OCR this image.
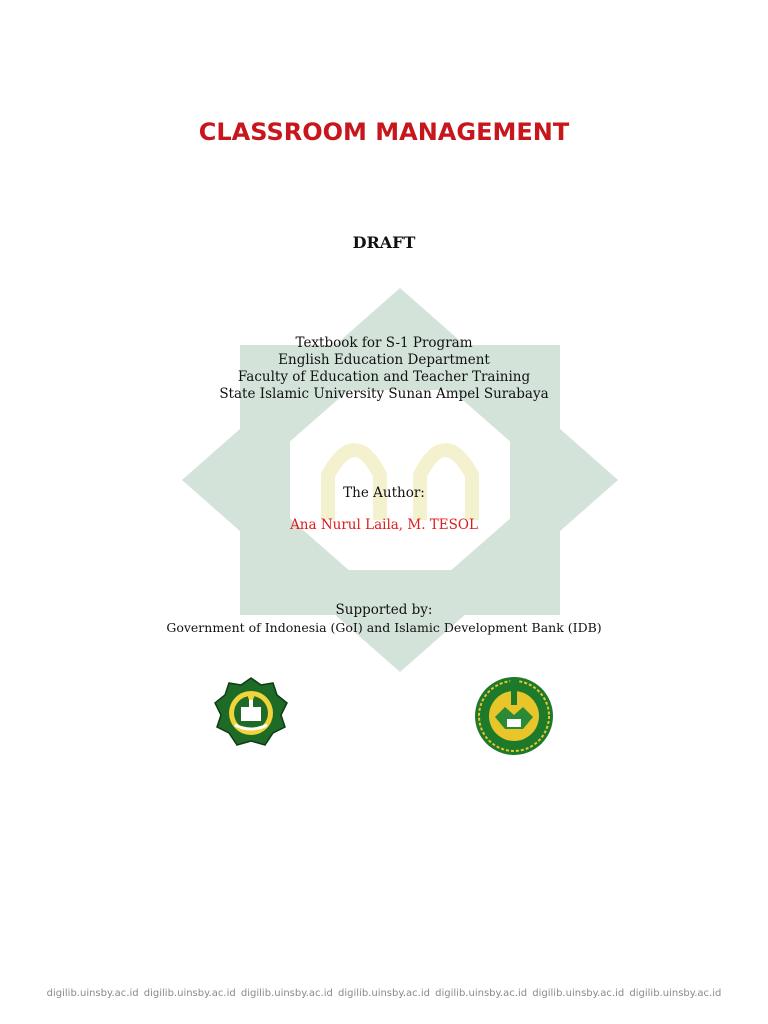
CLASSROOM MANAGEMENT
DRAFT
Textbook for S-1 Program
English Education Department
Faculty of Education and Teacher Training
State Islamic University Sunan Ampel Surabaya
The Author:
Ana Nurul Laila, M. TESOL
Supported by:
Government of Indonesia (GoI) and Islamic Development Bank (IDB)
digilib.uinsby.ac.id digilib.uinsby.ac.id digilib.uinsby.ac.id digilib.uinsby.ac.id digilib.uinsby.ac.id digilib.uinsby.ac.id digilib.uinsby.ac.id
